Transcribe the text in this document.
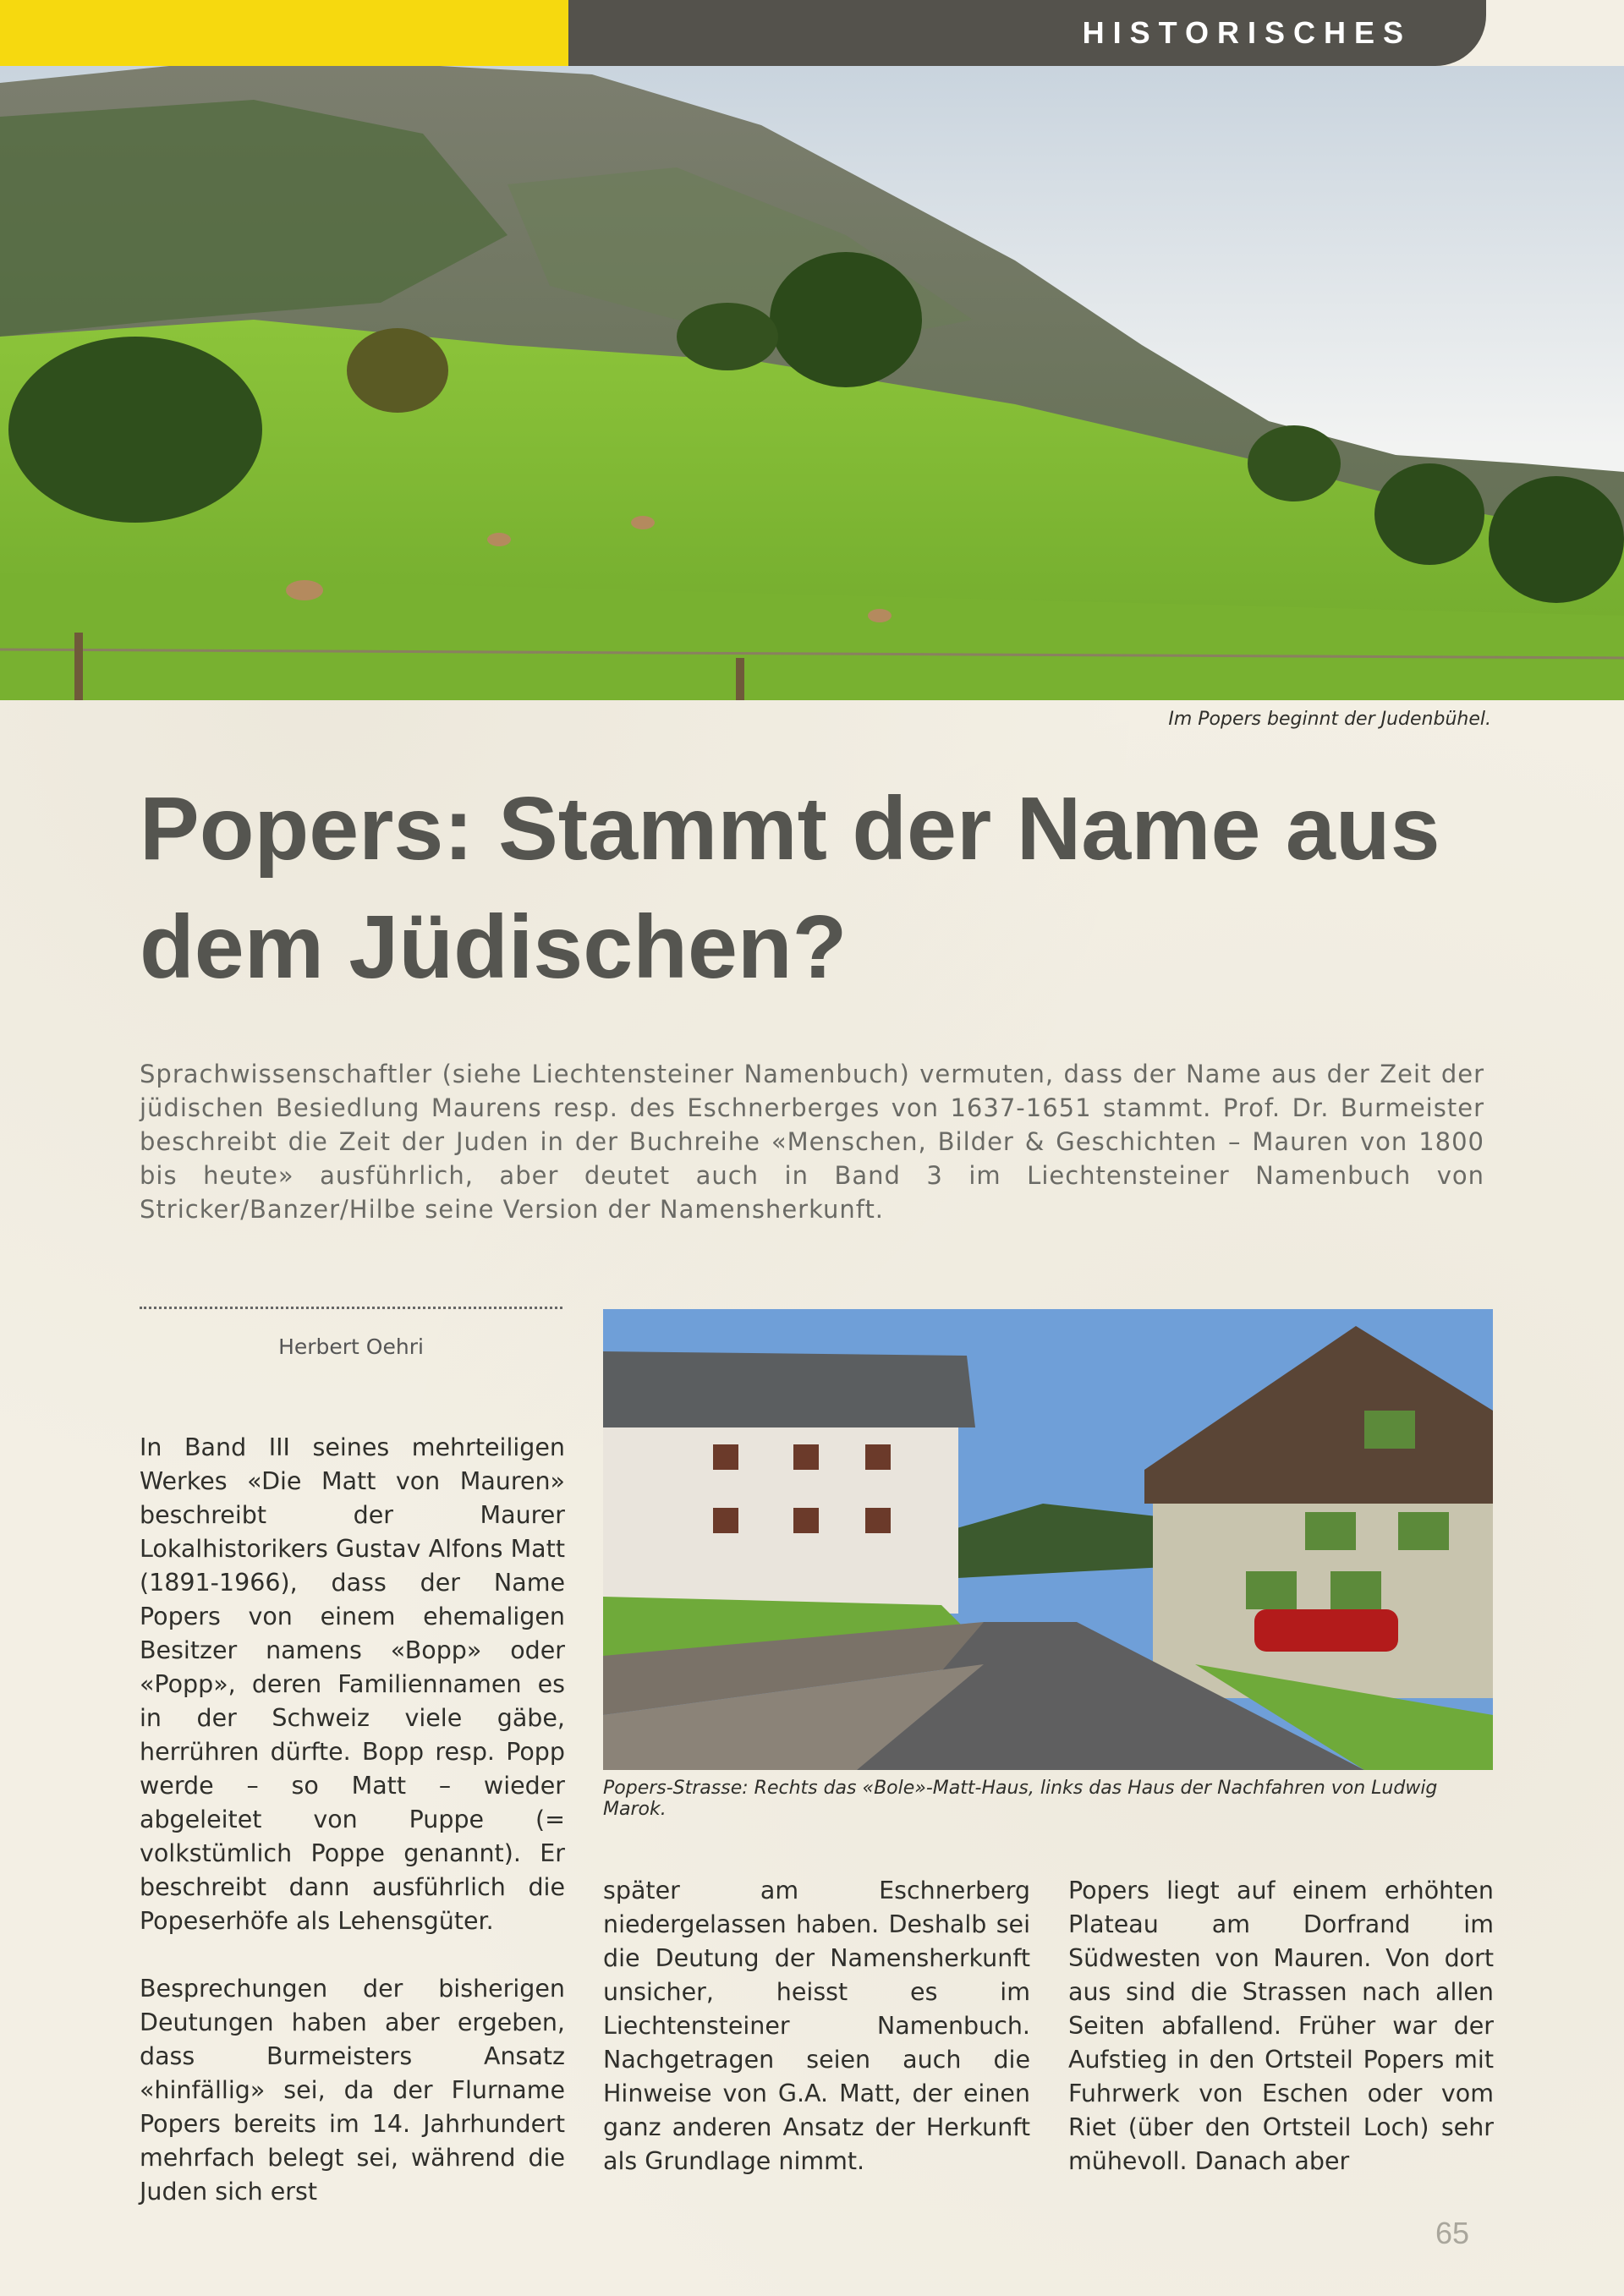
HISTORISCHES
Im Popers beginnt der Judenbühel.
Popers: Stammt der Name aus dem Jüdischen?

Sprachwissenschaftler (siehe Liechtensteiner Namenbuch) vermuten, dass der Name aus der Zeit der jüdischen Besiedlung Maurens resp. des Eschnerberges von 1637-1651 stammt. Prof. Dr. Burmeister beschreibt die Zeit der Juden in der Buchreihe «Menschen, Bilder & Geschichten – Mauren von 1800 bis heute» ausführlich, aber deutet auch in Band 3 im Liechtensteiner Namenbuch von Stricker/Banzer/Hilbe seine Version der Namensherkunft.

Herbert Oehri

In Band III seines mehrteiligen Werkes «Die Matt von Mauren» beschreibt der Maurer Lokalhistorikers Gustav Alfons Matt (1891-1966), dass der Name Popers von einem ehemaligen Besitzer namens «Bopp» oder «Popp», deren Familiennamen es in der Schweiz viele gäbe, herrühren dürfte. Bopp resp. Popp werde – so Matt – wieder abgeleitet von Puppe (= volkstümlich Poppe genannt). Er beschreibt dann ausführlich die Popeserhöfe als Lehensgüter.

Besprechungen der bisherigen Deutungen haben aber ergeben, dass Burmeisters Ansatz «hinfällig» sei, da der Flurname Popers bereits im 14. Jahrhundert mehrfach belegt sei, während die Juden sich erst

Popers-Strasse: Rechts das «Bole»-Matt-Haus, links das Haus der Nachfahren von Ludwig Marok.

später am Eschnerberg niedergelassen haben. Deshalb sei die Deutung der Namensherkunft unsicher, heisst es im Liechtensteiner Namenbuch. Nachgetragen seien auch die Hinweise von G.A. Matt, der einen ganz anderen Ansatz der Herkunft als Grundlage nimmt.

Popers liegt auf einem erhöhten Plateau am Dorfrand im Südwesten von Mauren. Von dort aus sind die Strassen nach allen Seiten abfallend. Früher war der Aufstieg in den Ortsteil Popers mit Fuhrwerk von Eschen oder vom Riet (über den Ortsteil Loch) sehr mühevoll. Danach aber

65
